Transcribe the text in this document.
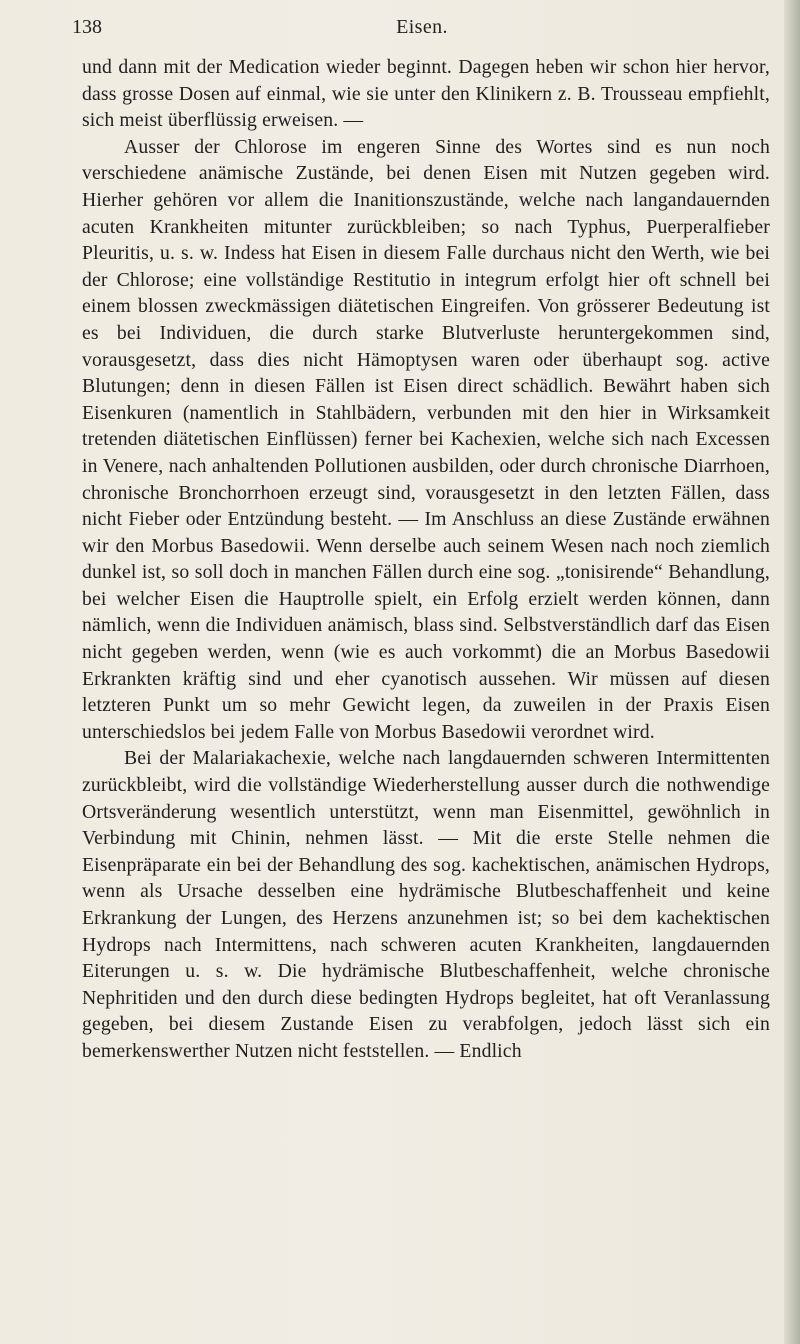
138	Eisen.

und dann mit der Medication wieder beginnt. Dagegen heben wir schon hier hervor, dass grosse Dosen auf einmal, wie sie unter den Klinikern z. B. Trousseau empfiehlt, sich meist überflüssig erweisen. —

Ausser der Chlorose im engeren Sinne des Wortes sind es nun noch verschiedene anämische Zustände, bei denen Eisen mit Nutzen gegeben wird. Hierher gehören vor allem die Inanitionszustände, welche nach langandauernden acuten Krankheiten mitunter zurückbleiben; so nach Typhus, Puerperalfieber Pleuritis, u. s. w. Indess hat Eisen in diesem Falle durchaus nicht den Werth, wie bei der Chlorose; eine vollständige Restitutio in integrum erfolgt hier oft schnell bei einem blossen zweckmässigen diätetischen Eingreifen. Von grösserer Bedeutung ist es bei Individuen, die durch starke Blutverluste heruntergekommen sind, vorausgesetzt, dass dies nicht Hämoptysen waren oder überhaupt sog. active Blutungen; denn in diesen Fällen ist Eisen direct schädlich. Bewährt haben sich Eisenkuren (namentlich in Stahlbädern, verbunden mit den hier in Wirksamkeit tretenden diätetischen Einflüssen) ferner bei Kachexien, welche sich nach Excessen in Venere, nach anhaltenden Pollutionen ausbilden, oder durch chronische Diarrhoen, chronische Bronchorrhoen erzeugt sind, vorausgesetzt in den letzten Fällen, dass nicht Fieber oder Entzündung besteht. — Im Anschluss an diese Zustände erwähnen wir den Morbus Basedowii. Wenn derselbe auch seinem Wesen nach noch ziemlich dunkel ist, so soll doch in manchen Fällen durch eine sog. „tonisirende“ Behandlung, bei welcher Eisen die Hauptrolle spielt, ein Erfolg erzielt werden können, dann nämlich, wenn die Individuen anämisch, blass sind. Selbstverständlich darf das Eisen nicht gegeben werden, wenn (wie es auch vorkommt) die an Morbus Basedowii Erkrankten kräftig sind und eher cyanotisch aussehen. Wir müssen auf diesen letzteren Punkt um so mehr Gewicht legen, da zuweilen in der Praxis Eisen unterschiedslos bei jedem Falle von Morbus Basedowii verordnet wird.

Bei der Malariakachexie, welche nach langdauernden schweren Intermittenten zurückbleibt, wird die vollständige Wiederherstellung ausser durch die nothwendige Ortsveränderung wesentlich unterstützt, wenn man Eisenmittel, gewöhnlich in Verbindung mit Chinin, nehmen lässt. — Mit die erste Stelle nehmen die Eisenpräparate ein bei der Behandlung des sog. kachektischen, anämischen Hydrops, wenn als Ursache desselben eine hydrämische Blutbeschaffenheit und keine Erkrankung der Lungen, des Herzens anzunehmen ist; so bei dem kachektischen Hydrops nach Intermittens, nach schweren acuten Krankheiten, langdauernden Eiterungen u. s. w. Die hydrämische Blutbeschaffenheit, welche chronische Nephritiden und den durch diese bedingten Hydrops begleitet, hat oft Veranlassung gegeben, bei diesem Zustande Eisen zu verabfolgen, jedoch lässt sich ein bemerkenswerther Nutzen nicht feststellen. — Endlich
